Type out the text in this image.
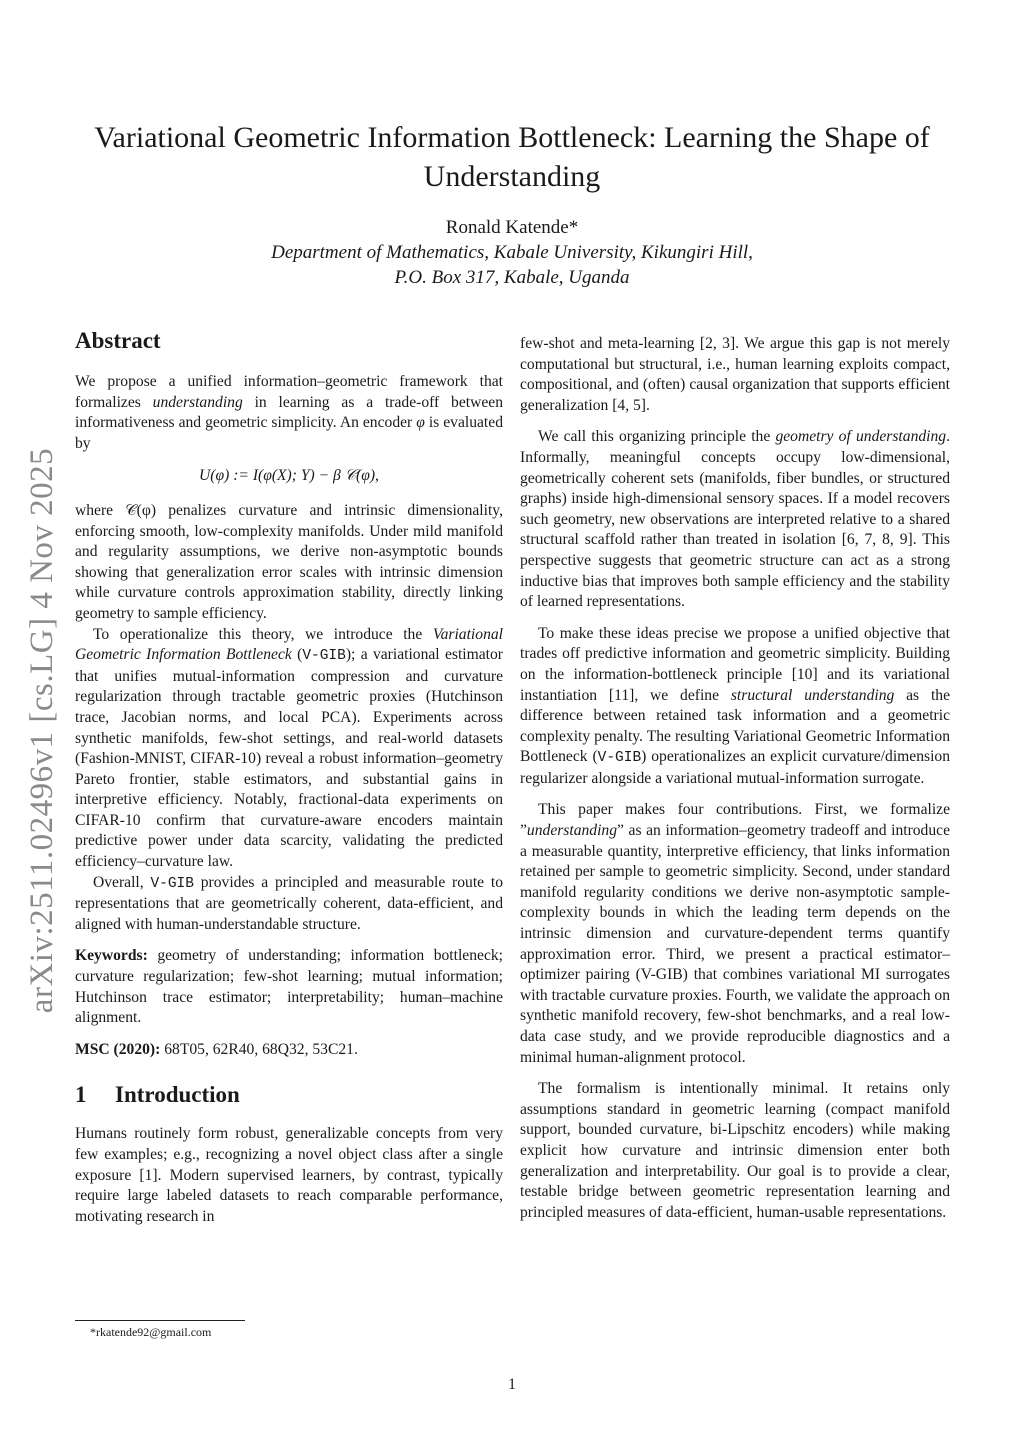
arXiv:2511.02496v1 [cs.LG] 4 Nov 2025
Variational Geometric Information Bottleneck: Learning the Shape of Understanding
Ronald Katende*
Department of Mathematics, Kabale University, Kikungiri Hill,
P.O. Box 317, Kabale, Uganda
Abstract

We propose a unified information–geometric framework that formalizes understanding in learning as a trade-off between informativeness and geometric simplicity. An encoder φ is evaluated by

U(φ) := I(φ(X); Y) − β 𝒞(φ),

where 𝒞(φ) penalizes curvature and intrinsic dimensionality, enforcing smooth, low-complexity manifolds. Under mild manifold and regularity assumptions, we derive non-asymptotic bounds showing that generalization error scales with intrinsic dimension while curvature controls approximation stability, directly linking geometry to sample efficiency.

To operationalize this theory, we introduce the Variational Geometric Information Bottleneck (V-GIB); a variational estimator that unifies mutual-information compression and curvature regularization through tractable geometric proxies (Hutchinson trace, Jacobian norms, and local PCA). Experiments across synthetic manifolds, few-shot settings, and real-world datasets (Fashion-MNIST, CIFAR-10) reveal a robust information–geometry Pareto frontier, stable estimators, and substantial gains in interpretive efficiency. Notably, fractional-data experiments on CIFAR-10 confirm that curvature-aware encoders maintain predictive power under data scarcity, validating the predicted efficiency–curvature law.

Overall, V-GIB provides a principled and measurable route to representations that are geometrically coherent, data-efficient, and aligned with human-understandable structure.

Keywords: geometry of understanding; information bottleneck; curvature regularization; few-shot learning; mutual information; Hutchinson trace estimator; interpretability; human–machine alignment.

MSC (2020): 68T05, 62R40, 68Q32, 53C21.

1	Introduction

Humans routinely form robust, generalizable concepts from very few examples; e.g., recognizing a novel object class after a single exposure [1]. Modern supervised learners, by contrast, typically require large labeled datasets to reach comparable performance, motivating research in

few-shot and meta-learning [2, 3]. We argue this gap is not merely computational but structural, i.e., human learning exploits compact, compositional, and (often) causal organization that supports efficient generalization [4, 5].

We call this organizing principle the geometry of understanding. Informally, meaningful concepts occupy low-dimensional, geometrically coherent sets (manifolds, fiber bundles, or structured graphs) inside high-dimensional sensory spaces. If a model recovers such geometry, new observations are interpreted relative to a shared structural scaffold rather than treated in isolation [6, 7, 8, 9]. This perspective suggests that geometric structure can act as a strong inductive bias that improves both sample efficiency and the stability of learned representations.

To make these ideas precise we propose a unified objective that trades off predictive information and geometric simplicity. Building on the information-bottleneck principle [10] and its variational instantiation [11], we define structural understanding as the difference between retained task information and a geometric complexity penalty. The resulting Variational Geometric Information Bottleneck (V-GIB) operationalizes an explicit curvature/dimension regularizer alongside a variational mutual-information surrogate.

This paper makes four contributions. First, we formalize ”understanding” as an information–geometry tradeoff and introduce a measurable quantity, interpretive efficiency, that links information retained per sample to geometric simplicity. Second, under standard manifold regularity conditions we derive non-asymptotic sample-complexity bounds in which the leading term depends on the intrinsic dimension and curvature-dependent terms quantify approximation error. Third, we present a practical estimator–optimizer pairing (V-GIB) that combines variational MI surrogates with tractable curvature proxies. Fourth, we validate the approach on synthetic manifold recovery, few-shot benchmarks, and a real low-data case study, and we provide reproducible diagnostics and a minimal human-alignment protocol.

The formalism is intentionally minimal. It retains only assumptions standard in geometric learning (compact manifold support, bounded curvature, bi-Lipschitz encoders) while making explicit how curvature and intrinsic dimension enter both generalization and interpretability. Our goal is to provide a clear, testable bridge between geometric representation learning and principled measures of data-efficient, human-usable representations.

*rkatende92@gmail.com
1
